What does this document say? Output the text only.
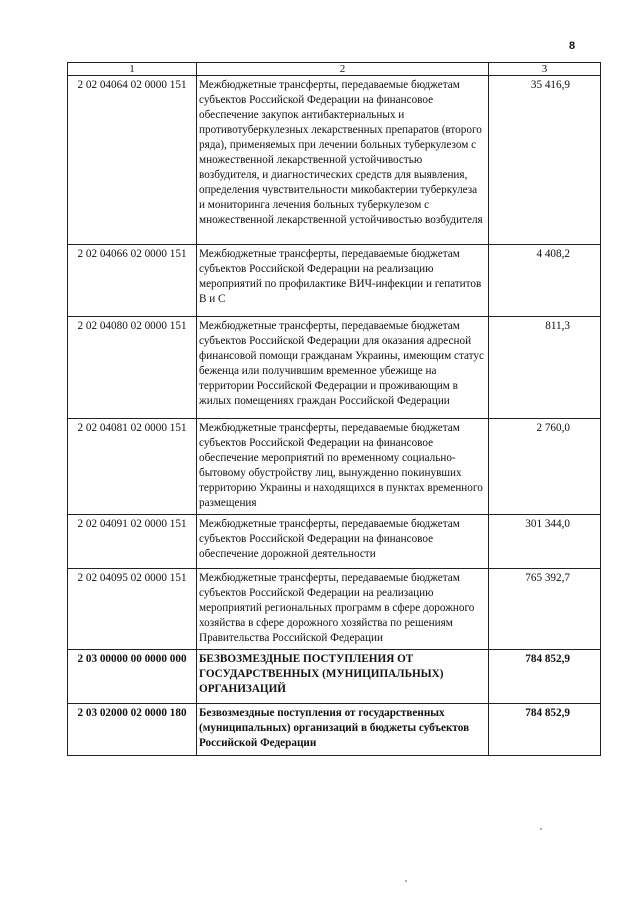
8
1	2	3
2 02 04064 02 0000 151	Межбюджетные трансферты, передаваемые бюджетам субъектов Российской Федерации на финансовое обеспечение закупок антибактериальных и противотуберкулезных лекарственных препаратов (второго ряда), применяемых при лечении больных туберкулезом с множественной лекарственной устойчивостью возбудителя, и диагностических средств для выявления, определения чувствительности микобактерии туберкулеза и мониторинга лечения больных туберкулезом с множественной лекарственной устойчивостью возбудителя	35 416,9
2 02 04066 02 0000 151	Межбюджетные трансферты, передаваемые бюджетам субъектов Российской Федерации на реализацию мероприятий по профилактике ВИЧ-инфекции и гепатитов В и С	4 408,2
2 02 04080 02 0000 151	Межбюджетные трансферты, передаваемые бюджетам субъектов Российской Федерации для оказания адресной финансовой помощи гражданам Украины, имеющим статус беженца или получившим временное убежище на территории Российской Федерации и проживающим в жилых помещениях граждан Российской Федерации	811,3
2 02 04081 02 0000 151	Межбюджетные трансферты, передаваемые бюджетам субъектов Российской Федерации на финансовое обеспечение мероприятий по временному социально-бытовому обустройству лиц, вынужденно покинувших территорию Украины и находящихся в пунктах временного размещения	2 760,0
2 02 04091 02 0000 151	Межбюджетные трансферты, передаваемые бюджетам субъектов Российской Федерации на финансовое обеспечение дорожной деятельности	301 344,0
2 02 04095 02 0000 151	Межбюджетные трансферты, передаваемые бюджетам субъектов Российской Федерации на реализацию мероприятий региональных программ в сфере дорожного хозяйства в сфере дорожного хозяйства по решениям Правительства Российской Федерации	765 392,7
2 03 00000 00 0000 000	БЕЗВОЗМЕЗДНЫЕ ПОСТУПЛЕНИЯ ОТ ГОСУДАРСТВЕННЫХ (МУНИЦИПАЛЬНЫХ) ОРГАНИЗАЦИЙ	784 852,9
2 03 02000 02 0000 180	Безвозмездные поступления от государственных (муниципальных) организаций в бюджеты субъектов Российской Федерации	784 852,9
